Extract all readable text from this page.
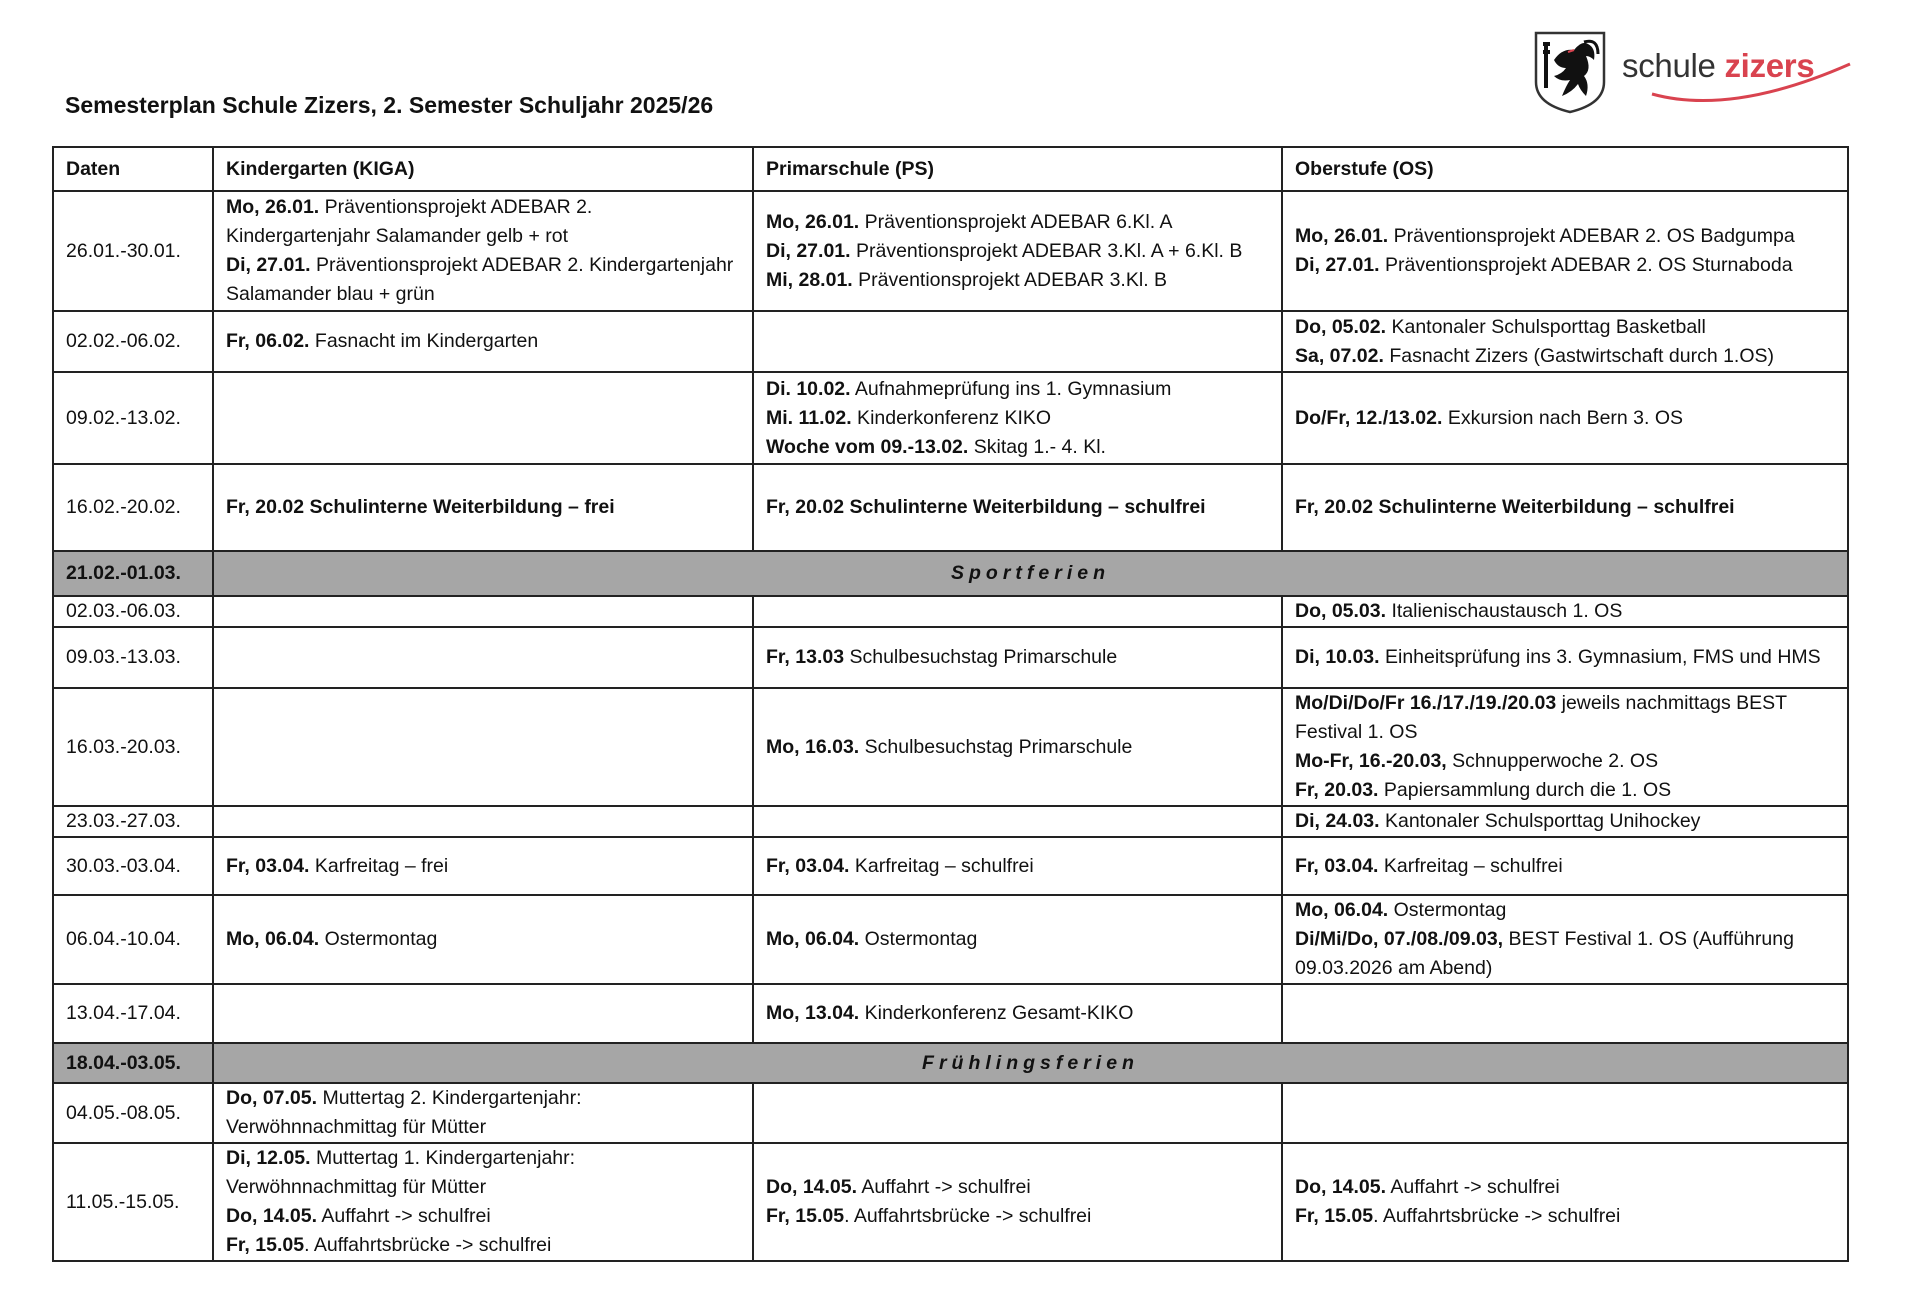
Semesterplan Schule Zizers, 2. Semester Schuljahr 2025/26
schule zizers
Daten	Kindergarten (KIGA)	Primarschule (PS)	Oberstufe (OS)
26.01.-30.01.	Mo, 26.01. Präventionsprojekt ADEBAR 2. Kindergartenjahr Salamander gelb + rot
Di, 27.01. Präventionsprojekt ADEBAR 2. Kindergartenjahr Salamander blau + grün	Mo, 26.01. Präventionsprojekt ADEBAR 6.Kl. A
Di, 27.01. Präventionsprojekt ADEBAR 3.Kl. A + 6.Kl. B
Mi, 28.01. Präventionsprojekt ADEBAR 3.Kl. B	Mo, 26.01. Präventionsprojekt ADEBAR 2. OS Badgumpa
Di, 27.01. Präventionsprojekt ADEBAR 2. OS Sturnaboda

02.02.-06.02.	Fr, 06.02. Fasnacht im Kindergarten		Do, 05.02. Kantonaler Schulsporttag Basketball
Sa, 07.02. Fasnacht Zizers (Gastwirtschaft durch 1.OS)

09.02.-13.02.		Di. 10.02. Aufnahmeprüfung ins 1. Gymnasium
Mi. 11.02. Kinderkonferenz KIKO
Woche vom 09.-13.02. Skitag 1.- 4. Kl.	Do/Fr, 12./13.02. Exkursion nach Bern 3. OS

16.02.-20.02.	Fr, 20.02 Schulinterne Weiterbildung – frei	Fr, 20.02 Schulinterne Weiterbildung – schulfrei	Fr, 20.02 Schulinterne Weiterbildung – schulfrei

21.02.-01.03.	Sportferien		
02.03.-06.03.			Do, 05.03. Italienischaustausch 1. OS

09.03.-13.03.		Fr, 13.03 Schulbesuchstag Primarschule	Di, 10.03. Einheitsprüfung ins 3. Gymnasium, FMS und HMS

16.03.-20.03.		Mo, 16.03. Schulbesuchstag Primarschule	Mo/Di/Do/Fr 16./17./19./20.03 jeweils nachmittags BEST Festival 1. OS
Mo-Fr, 16.-20.03, Schnupperwoche 2. OS
Fr, 20.03. Papiersammlung durch die 1. OS

23.03.-27.03.			Di, 24.03. Kantonaler Schulsporttag Unihockey

30.03.-03.04.	Fr, 03.04. Karfreitag – frei	Fr, 03.04. Karfreitag – schulfrei	Fr, 03.04. Karfreitag – schulfrei

06.04.-10.04.	Mo, 06.04. Ostermontag	Mo, 06.04. Ostermontag	Mo, 06.04. Ostermontag
Di/Mi/Do, 07./08./09.03, BEST Festival 1. OS (Aufführung 09.03.2026 am Abend)

13.04.-17.04.		Mo, 13.04. Kinderkonferenz Gesamt-KIKO	

18.04.-03.05.	Frühlingsferien		
04.05.-08.05.	Do, 07.05. Muttertag 2. Kindergartenjahr: Verwöhnnachmittag für Mütter		

11.05.-15.05.	Di, 12.05. Muttertag 1. Kindergartenjahr: Verwöhnnachmittag für Mütter
Do, 14.05. Auffahrt -> schulfrei
Fr, 15.05. Auffahrtsbrücke -> schulfrei	Do, 14.05. Auffahrt -> schulfrei
Fr, 15.05. Auffahrtsbrücke -> schulfrei	Do, 14.05. Auffahrt -> schulfrei
Fr, 15.05. Auffahrtsbrücke -> schulfrei
